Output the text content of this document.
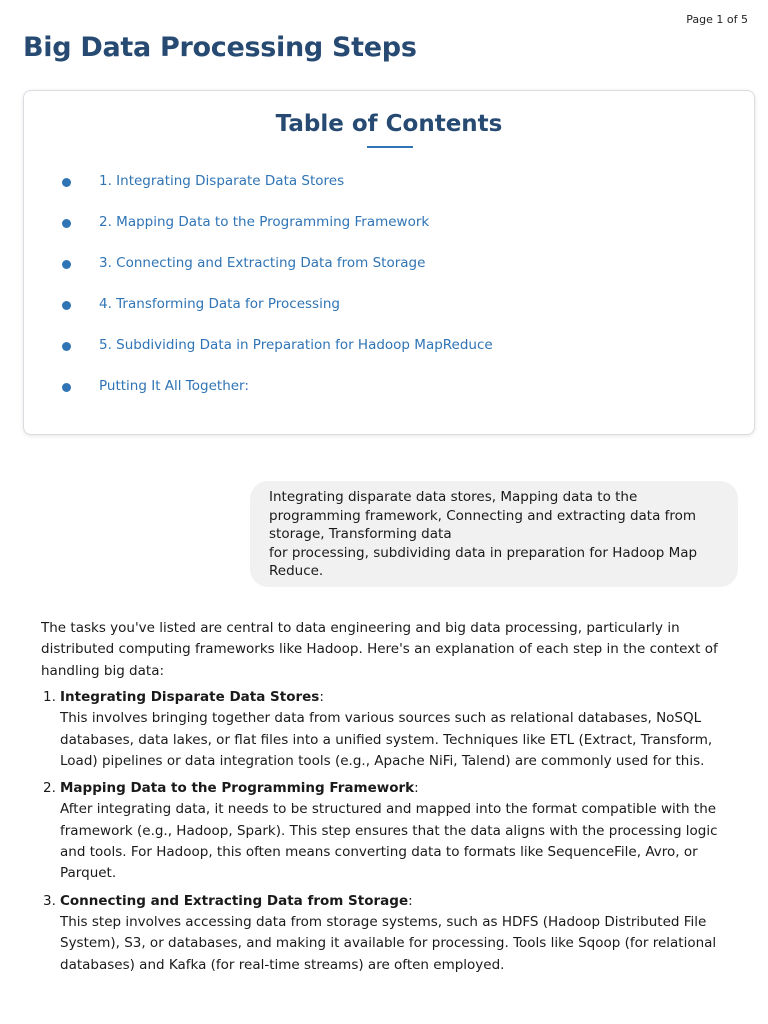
Page 1 of 5
Big Data Processing Steps
Table of Contents
1. Integrating Disparate Data Stores
2. Mapping Data to the Programming Framework
3. Connecting and Extracting Data from Storage
4. Transforming Data for Processing
5. Subdividing Data in Preparation for Hadoop MapReduce
Putting It All Together:

Integrating disparate data stores, Mapping data to the programming framework, Connecting and extracting data from storage, Transforming data

for processing, subdividing data in preparation for Hadoop Map Reduce.

The tasks you've listed are central to data engineering and big data processing, particularly in distributed computing frameworks like Hadoop. Here's an explanation of each step in the context of handling big data:

1. Integrating Disparate Data Stores:

This involves bringing together data from various sources such as relational databases, NoSQL databases, data lakes, or flat files into a unified system. Techniques like ETL (Extract, Transform, Load) pipelines or data integration tools (e.g., Apache NiFi, Talend) are commonly used for this.

2. Mapping Data to the Programming Framework:

After integrating data, it needs to be structured and mapped into the format compatible with the framework (e.g., Hadoop, Spark). This step ensures that the data aligns with the processing logic and tools. For Hadoop, this often means converting data to formats like SequenceFile, Avro, or Parquet.

3. Connecting and Extracting Data from Storage:

This step involves accessing data from storage systems, such as HDFS (Hadoop Distributed File System), S3, or databases, and making it available for processing. Tools like Sqoop (for relational databases) and Kafka (for real-time streams) are often employed.
